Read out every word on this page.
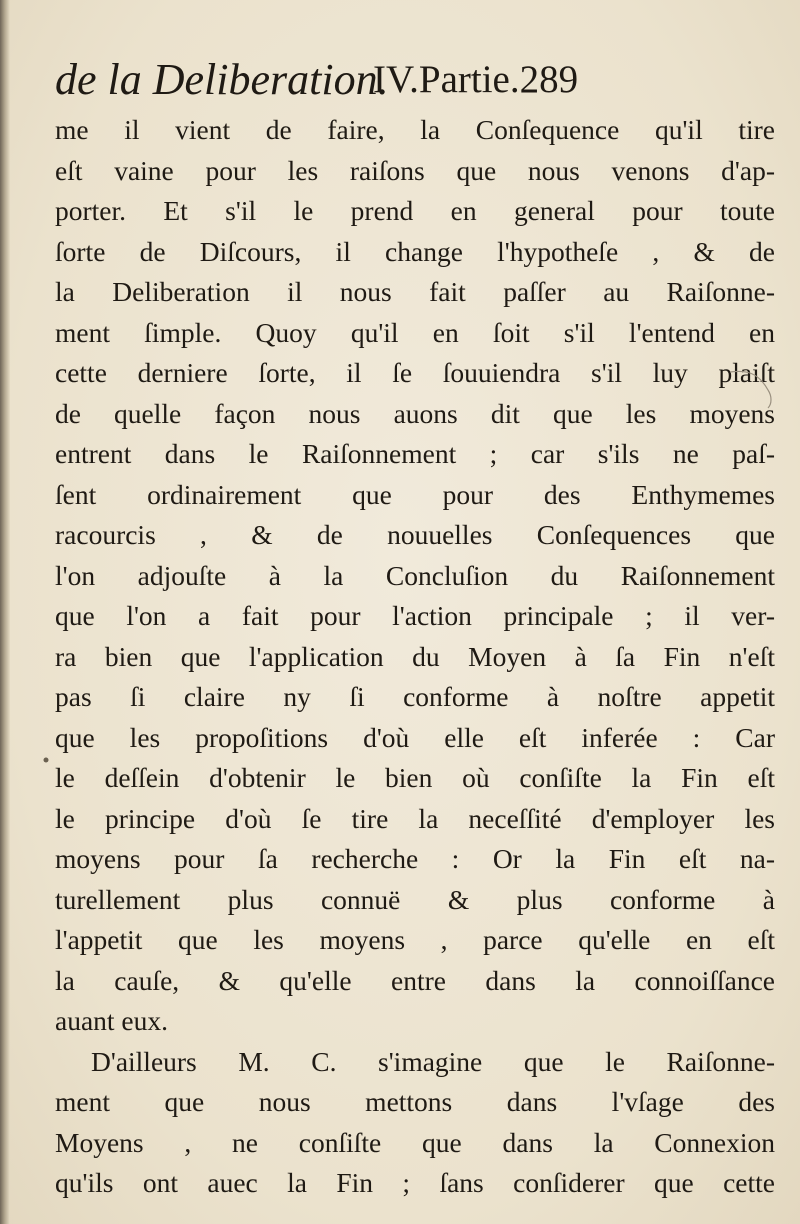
de la Deliberation.
IV.Partie.289
me il vient de faire, la Conſequence qu'il tire
eſt vaine pour les raiſons que nous venons d'ap-
porter. Et s'il le prend en general pour toute
ſorte de Diſcours, il change l'hypotheſe , & de
la Deliberation il nous fait paſſer au Raiſonne-
ment ſimple. Quoy qu'il en ſoit s'il l'entend en
cette derniere ſorte, il ſe ſouuiendra s'il luy plaiſt
de quelle façon nous auons dit que les moyens
entrent dans le Raiſonnement ; car s'ils ne paſ-
ſent ordinairement que pour des Enthymemes
racourcis , & de nouuelles Conſequences que
l'on adjouſte à la Concluſion du Raiſonnement
que l'on a fait pour l'action principale ; il ver-
ra bien que l'application du Moyen à ſa Fin n'eſt
pas ſi claire ny ſi conforme à noſtre appetit
que les propoſitions d'où elle eſt inferée : Car
le deſſein d'obtenir le bien où conſiſte la Fin eſt
le principe d'où ſe tire la neceſſité d'employer les
moyens pour ſa recherche : Or la Fin eſt na-
turellement plus connuë & plus conforme à
l'appetit que les moyens , parce qu'elle en eſt
la cauſe, & qu'elle entre dans la connoiſſance
auant eux.
D'ailleurs M. C. s'imagine que le Raiſonne-
ment que nous mettons dans l'vſage des
Moyens , ne conſiſte que dans la Connexion
qu'ils ont auec la Fin ; ſans conſiderer que cette
